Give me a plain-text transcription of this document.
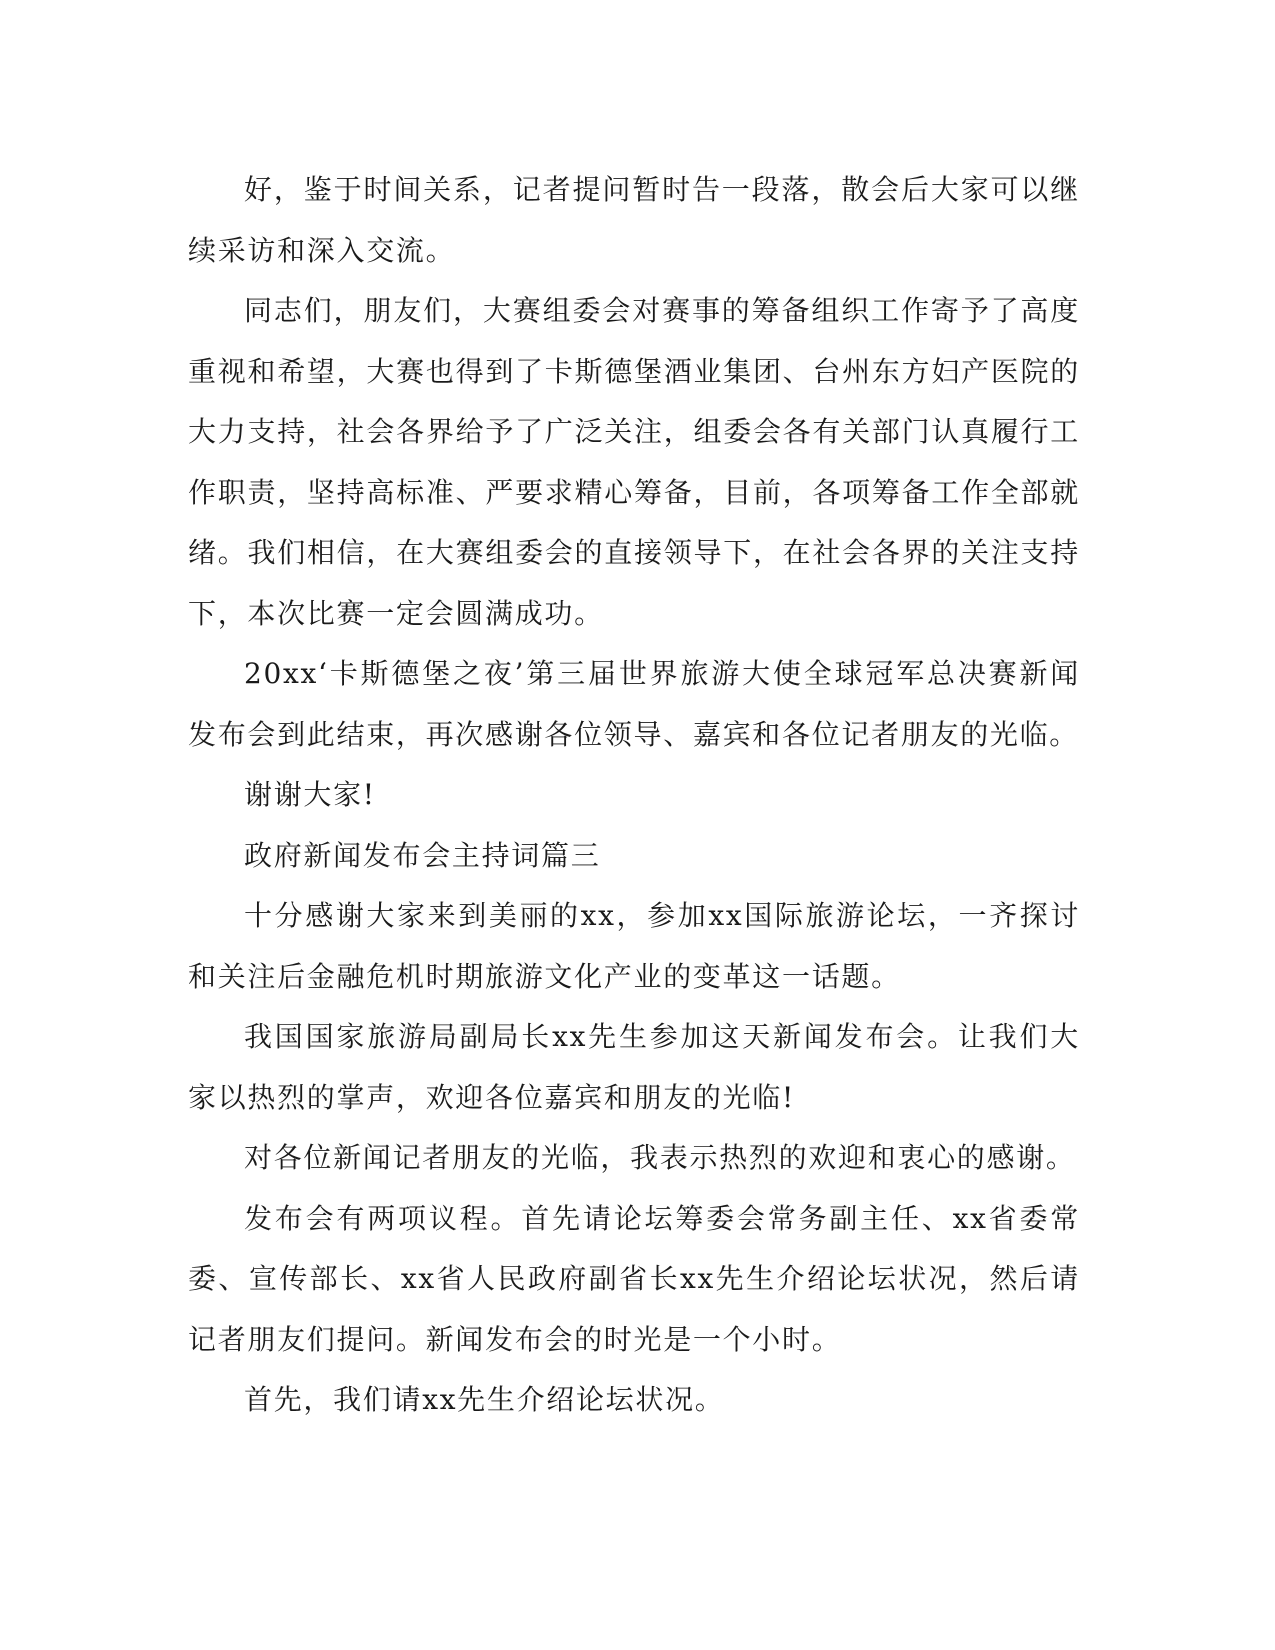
好，鉴于时间关系，记者提问暂时告一段落，散会后大家可以继续采访和深入交流。

同志们，朋友们，大赛组委会对赛事的筹备组织工作寄予了高度重视和希望，大赛也得到了卡斯德堡酒业集团、台州东方妇产医院的大力支持，社会各界给予了广泛关注，组委会各有关部门认真履行工作职责，坚持高标准、严要求精心筹备，目前，各项筹备工作全部就绪。我们相信，在大赛组委会的直接领导下，在社会各界的关注支持下，本次比赛一定会圆满成功。

20xx‘卡斯德堡之夜’第三届世界旅游大使全球冠军总决赛新闻发布会到此结束，再次感谢各位领导、嘉宾和各位记者朋友的光临。

谢谢大家!

政府新闻发布会主持词篇三

十分感谢大家来到美丽的xx，参加xx国际旅游论坛，一齐探讨和关注后金融危机时期旅游文化产业的变革这一话题。

我国国家旅游局副局长xx先生参加这天新闻发布会。让我们大家以热烈的掌声，欢迎各位嘉宾和朋友的光临!

对各位新闻记者朋友的光临，我表示热烈的欢迎和衷心的感谢。

发布会有两项议程。首先请论坛筹委会常务副主任、xx省委常委、宣传部长、xx省人民政府副省长xx先生介绍论坛状况，然后请记者朋友们提问。新闻发布会的时光是一个小时。

首先，我们请xx先生介绍论坛状况。
